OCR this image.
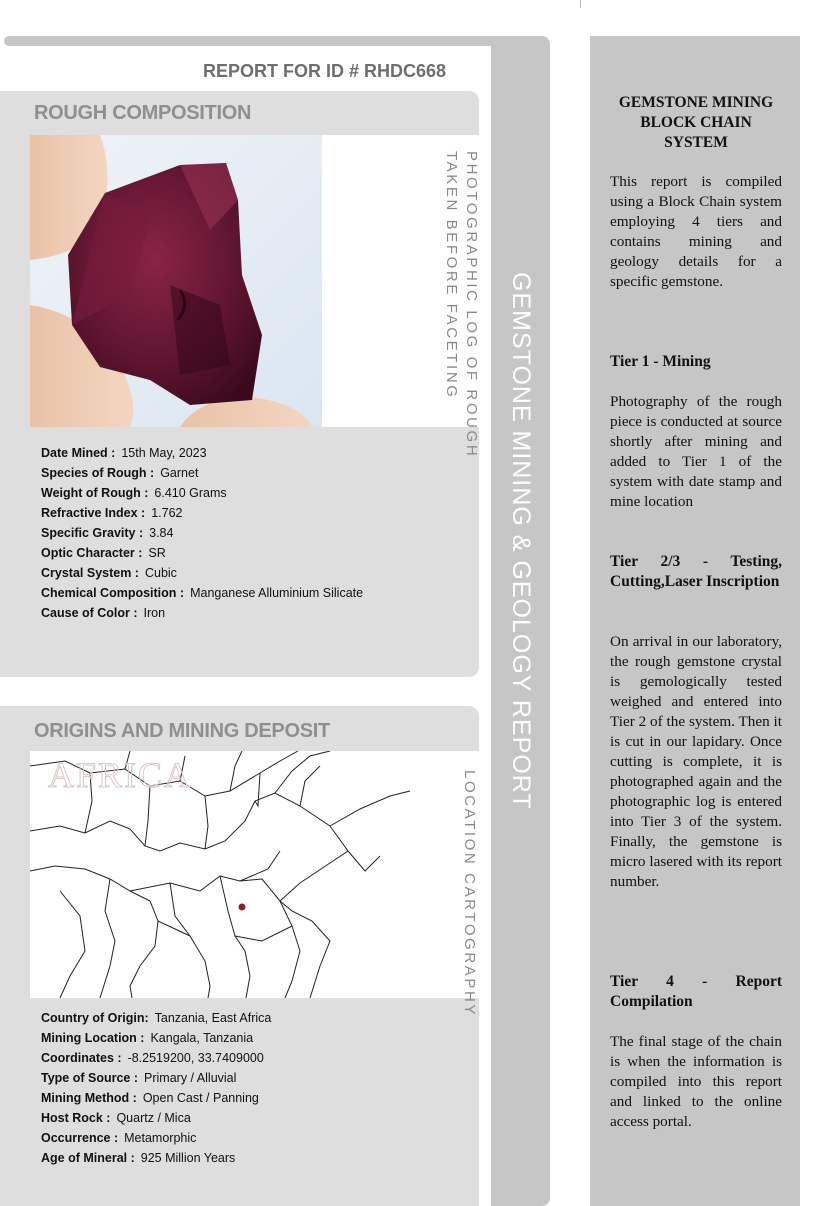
GEMSTONE MINING & GEOLOGY REPORT
REPORT FOR ID # RHDC668
ROUGH COMPOSITION
PHOTOGRAPHIC LOG OF ROUGH
TAKEN BEFORE FACETING
Date Mined : 15th May, 2023
Species of Rough : Garnet
Weight of Rough : 6.410 Grams
Refractive Index : 1.762
Specific Gravity : 3.84
Optic Character : SR
Crystal System : Cubic
Chemical Composition : Manganese Alluminium Silicate
Cause of Color : Iron
ORIGINS AND MINING DEPOSIT
AFRICA	LOCATION CARTOGRAPHY
Country of Origin: Tanzania, East Africa
Mining Location : Kangala, Tanzania
Coordinates : -8.2519200, 33.7409000
Type of Source : Primary / Alluvial
Mining Method : Open Cast / Panning
Host Rock : Quartz / Mica
Occurrence : Metamorphic
Age of Mineral : 925 Million Years
GEMSTONE MINING BLOCK CHAIN SYSTEM
This report is compiled using a Block Chain system employing 4 tiers and contains mining and geology details for a specific gemstone.
Tier 1 - Mining
Photography of the rough piece is conducted at source shortly after mining and added to Tier 1 of the system with date stamp and mine location
Tier 2/3 - Testing, Cutting,Laser Inscription
On arrival in our laboratory, the rough gemstone crystal is gemologically tested weighed and entered into Tier 2 of the system. Then it is cut in our lapidary. Once cutting is complete, it is photographed again and the photographic log is entered into Tier 3 of the system. Finally, the gemstone is micro lasered with its report number.
Tier 4 - Report Compilation
The final stage of the chain is when the information is compiled into this report and linked to the online access portal.
